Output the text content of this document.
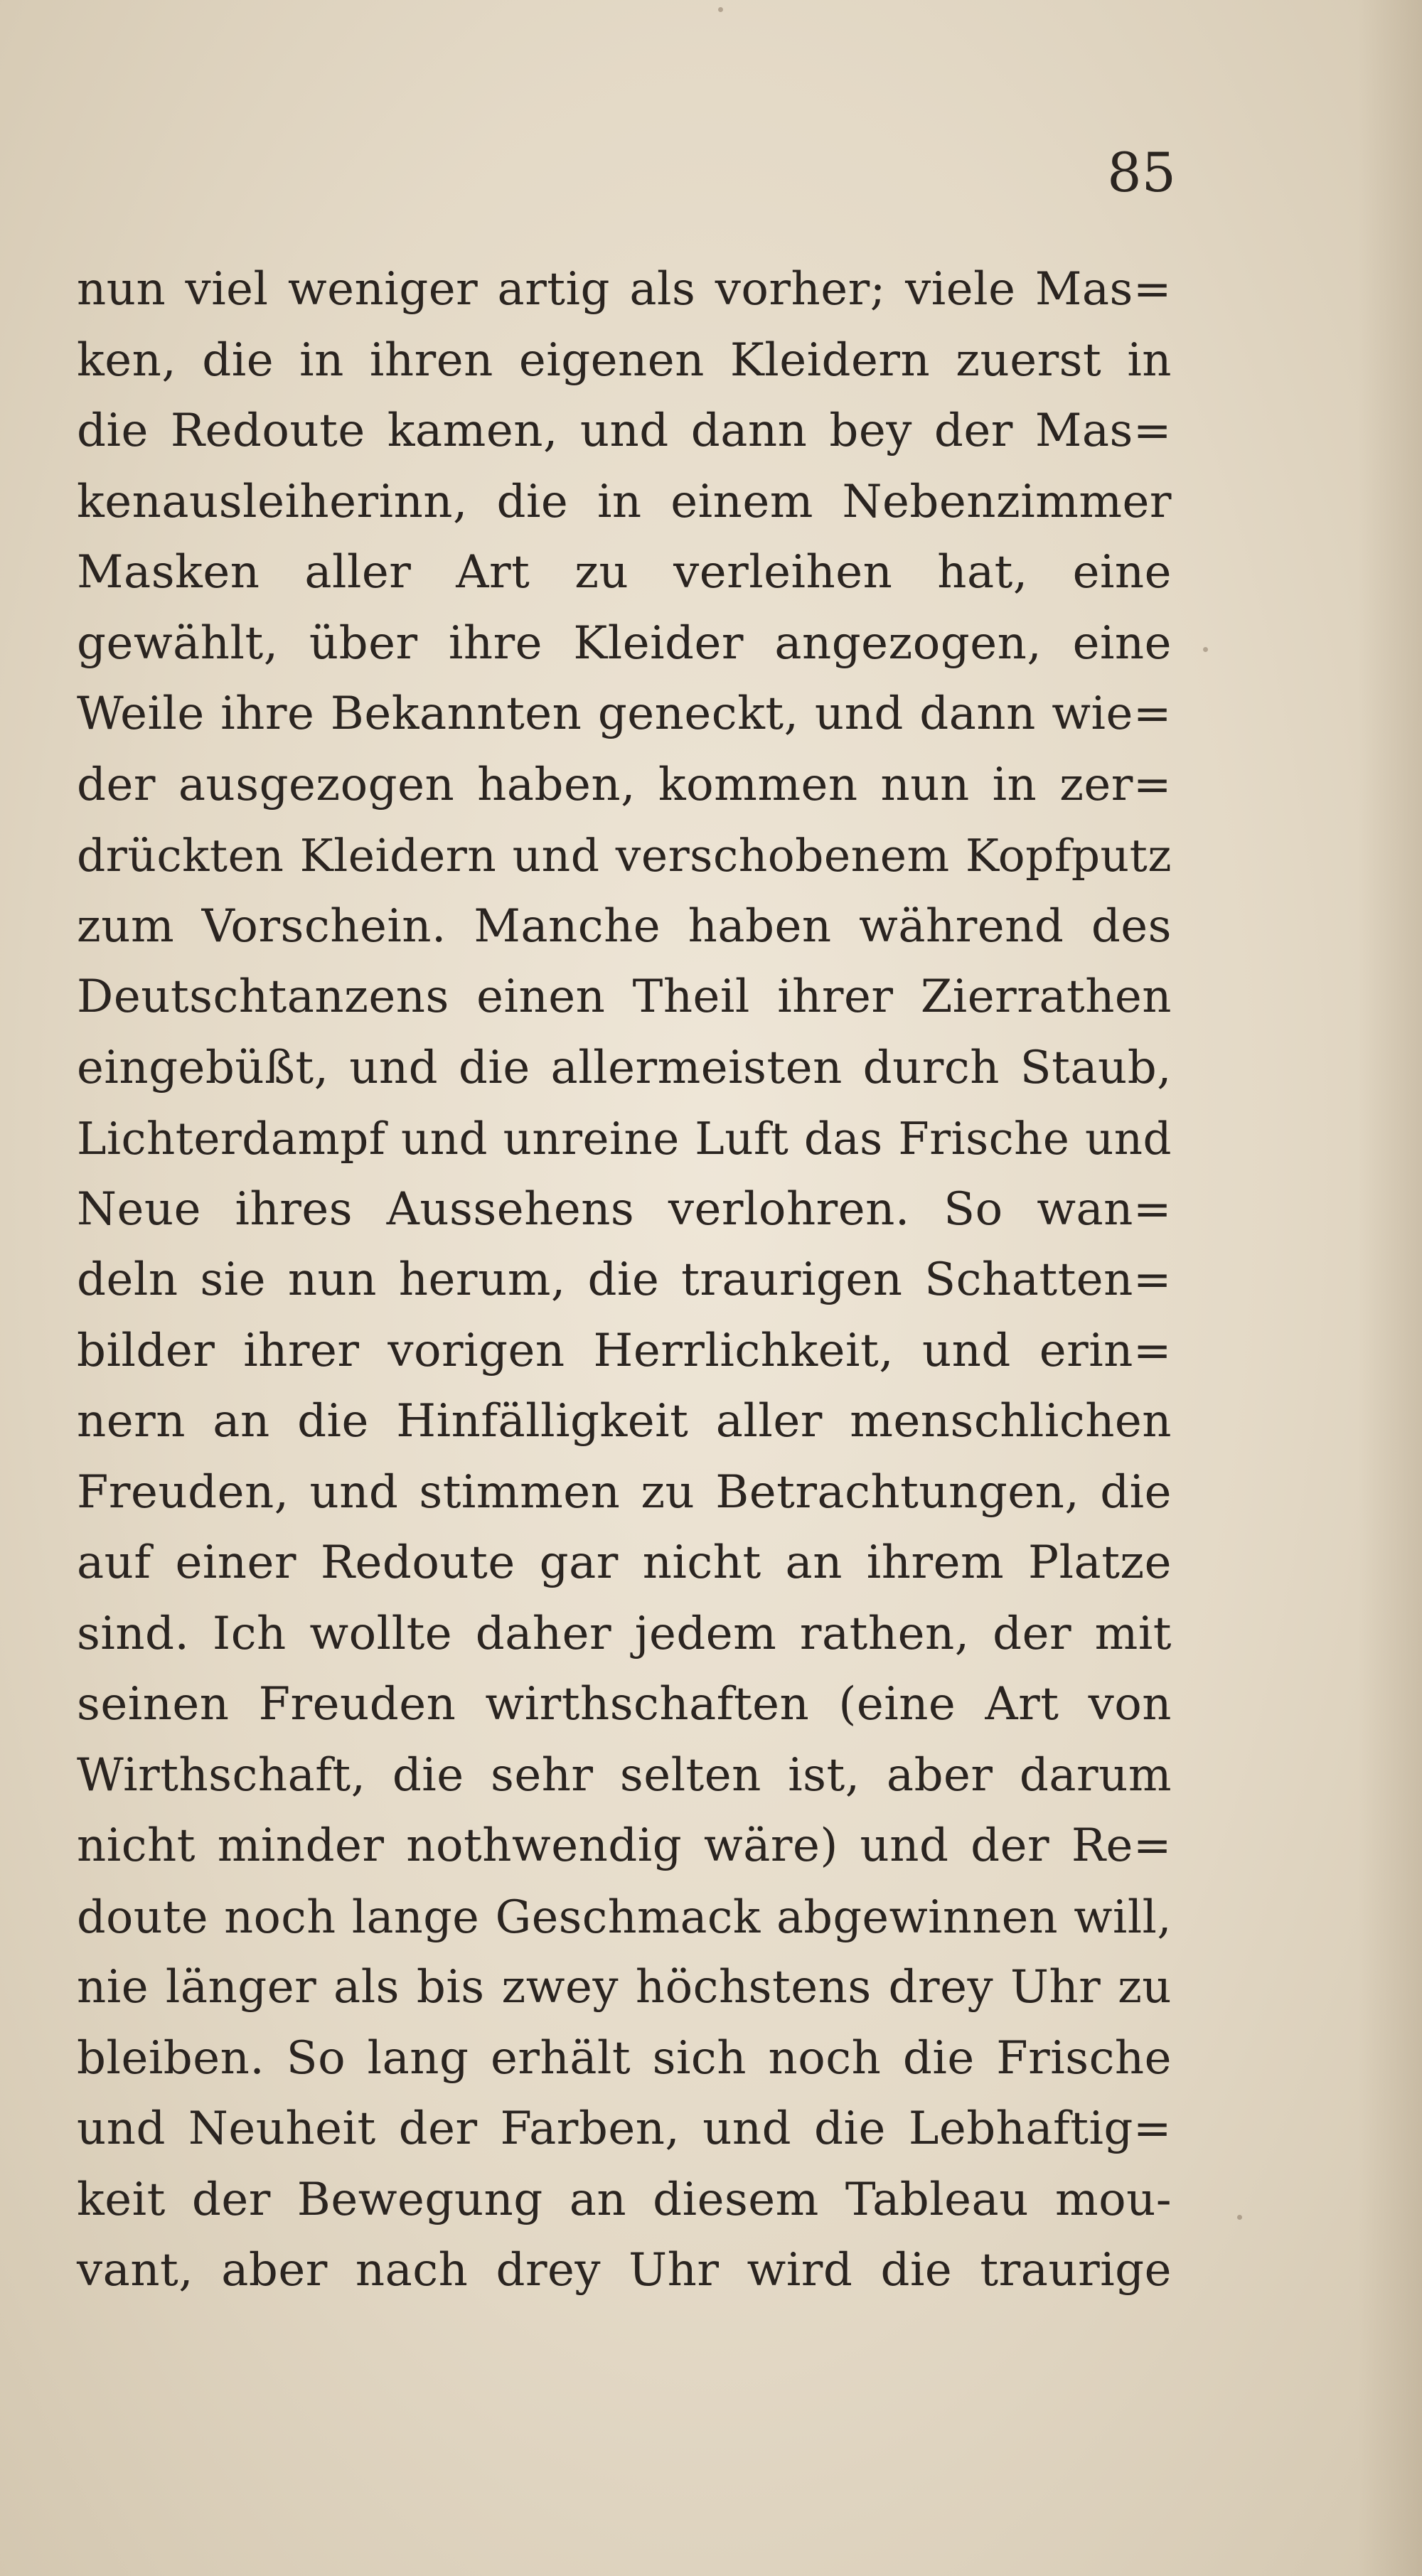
85
nun viel weniger artig als vorher; viele Mas=
ken, die in ihren eigenen Kleidern zuerst in
die Redoute kamen, und dann bey der Mas=
kenausleiherinn, die in einem Nebenzimmer
Masken aller Art zu verleihen hat, eine
gewählt, über ihre Kleider angezogen, eine
Weile ihre Bekannten geneckt, und dann wie=
der ausgezogen haben, kommen nun in zer=
drückten Kleidern und verschobenem Kopfputz
zum Vorschein. Manche haben während des
Deutschtanzens einen Theil ihrer Zierrathen
eingebüßt, und die allermeisten durch Staub,
Lichterdampf und unreine Luft das Frische und
Neue ihres Aussehens verlohren. So wan=
deln sie nun herum, die traurigen Schatten=
bilder ihrer vorigen Herrlichkeit, und erin=
nern an die Hinfälligkeit aller menschlichen
Freuden, und stimmen zu Betrachtungen, die
auf einer Redoute gar nicht an ihrem Platze
sind. Ich wollte daher jedem rathen, der mit
seinen Freuden wirthschaften (eine Art von
Wirthschaft, die sehr selten ist, aber darum
nicht minder nothwendig wäre) und der Re=
doute noch lange Geschmack abgewinnen will,
nie länger als bis zwey höchstens drey Uhr zu
bleiben. So lang erhält sich noch die Frische
und Neuheit der Farben, und die Lebhaftig=
keit der Bewegung an diesem Tableau mou-
vant, aber nach drey Uhr wird die traurige
